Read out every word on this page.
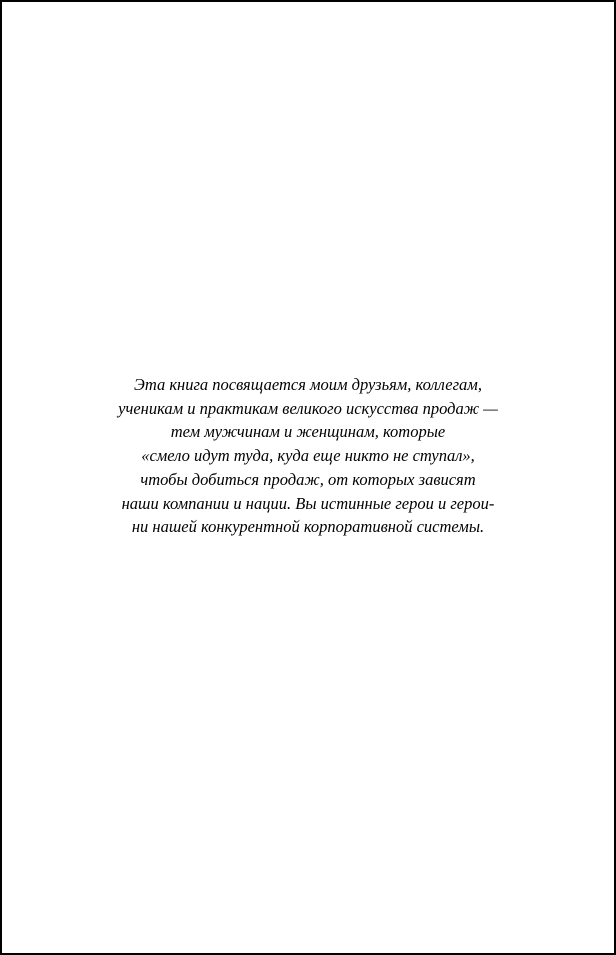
Эта книга посвящается моим друзьям, коллегам,
ученикам и практикам великого искусства продаж —
тем мужчинам и женщинам, которые
«смело идут туда, куда еще никто не ступал»,
чтобы добиться продаж, от которых зависят
наши компании и нации. Вы истинные герои и герои-
ни нашей конкурентной корпоративной системы.
